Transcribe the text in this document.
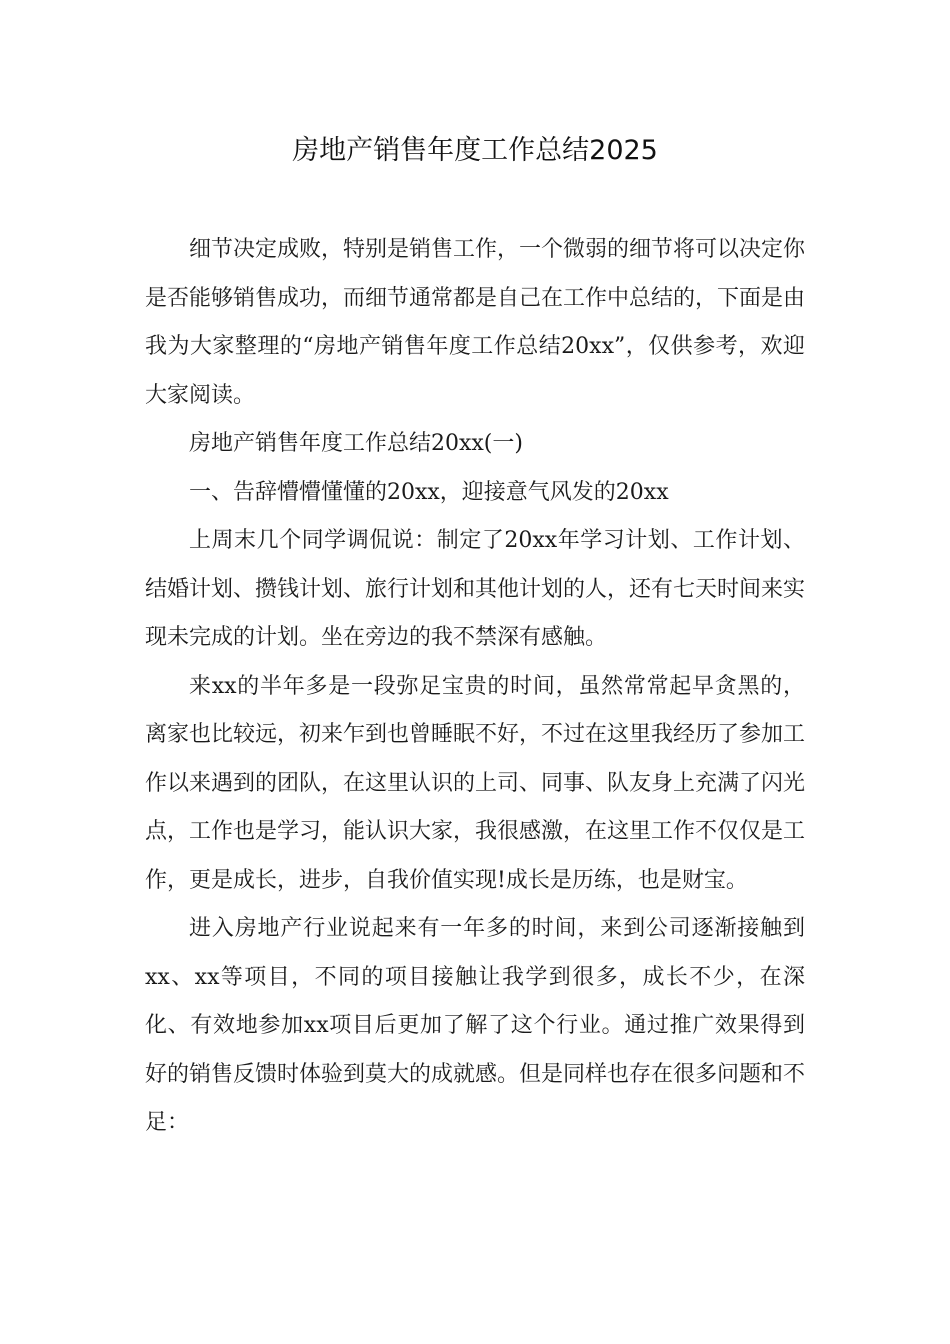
房地产销售年度工作总结2025

细节决定成败，特别是销售工作，一个微弱的细节将可以决定你是否能够销售成功，而细节通常都是自己在工作中总结的，下面是由我为大家整理的“房地产销售年度工作总结20xx”，仅供参考，欢迎大家阅读。

房地产销售年度工作总结20xx(一)

一、告辞懵懵懂懂的20xx，迎接意气风发的20xx

上周末几个同学调侃说：制定了20xx年学习计划、工作计划、结婚计划、攒钱计划、旅行计划和其他计划的人，还有七天时间来实现未完成的计划。坐在旁边的我不禁深有感触。

来xx的半年多是一段弥足宝贵的时间，虽然常常起早贪黑的，离家也比较远，初来乍到也曾睡眠不好，不过在这里我经历了参加工作以来遇到的团队，在这里认识的上司、同事、队友身上充满了闪光点，工作也是学习，能认识大家，我很感激，在这里工作不仅仅是工作，更是成长，进步，自我价值实现!成长是历练，也是财宝。

进入房地产行业说起来有一年多的时间，来到公司逐渐接触到xx、xx等项目，不同的项目接触让我学到很多，成长不少，在深化、有效地参加xx项目后更加了解了这个行业。通过推广效果得到好的销售反馈时体验到莫大的成就感。但是同样也存在很多问题和不足：
